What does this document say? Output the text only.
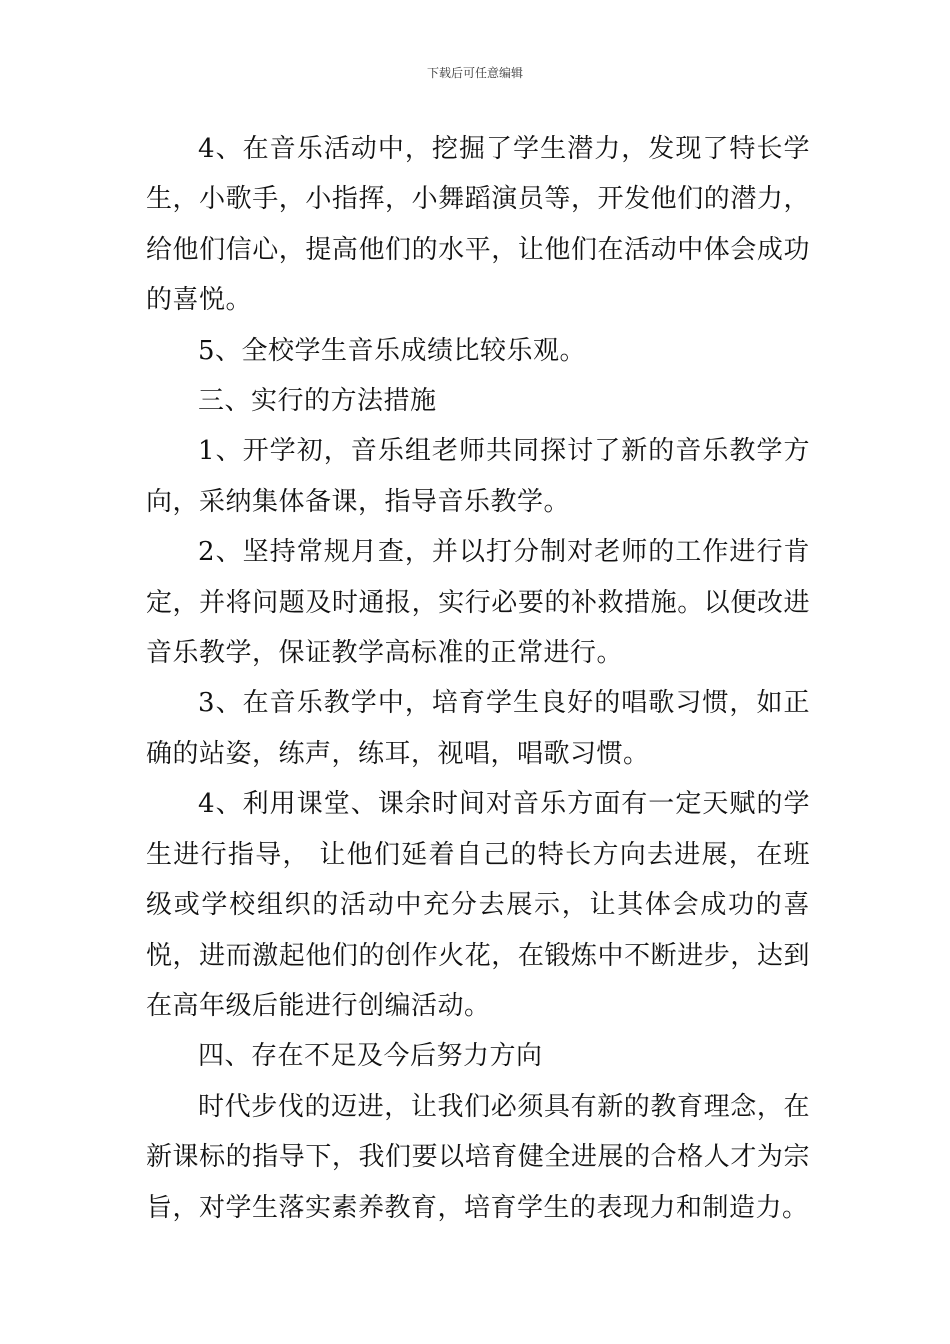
下载后可任意编辑

4、在音乐活动中，挖掘了学生潜力，发现了特长学生，小歌手，小指挥，小舞蹈演员等，开发他们的潜力，给他们信心，提高他们的水平，让他们在活动中体会成功的喜悦。

5、全校学生音乐成绩比较乐观。

三、实行的方法措施

1、开学初，音乐组老师共同探讨了新的音乐教学方向，采纳集体备课，指导音乐教学。

2、坚持常规月查，并以打分制对老师的工作进行肯定，并将问题及时通报，实行必要的补救措施。以便改进音乐教学，保证教学高标准的正常进行。

3、在音乐教学中，培育学生良好的唱歌习惯，如正确的站姿，练声，练耳，视唱，唱歌习惯。

4、利用课堂、课余时间对音乐方面有一定天赋的学生进行指导， 让他们延着自己的特长方向去进展，在班级或学校组织的活动中充分去展示，让其体会成功的喜悦，进而激起他们的创作火花，在锻炼中不断进步，达到在高年级后能进行创编活动。

四、存在不足及今后努力方向

时代步伐的迈进，让我们必须具有新的教育理念，在新课标的指导下，我们要以培育健全进展的合格人才为宗旨，对学生落实素养教育，培育学生的表现力和制造力。
